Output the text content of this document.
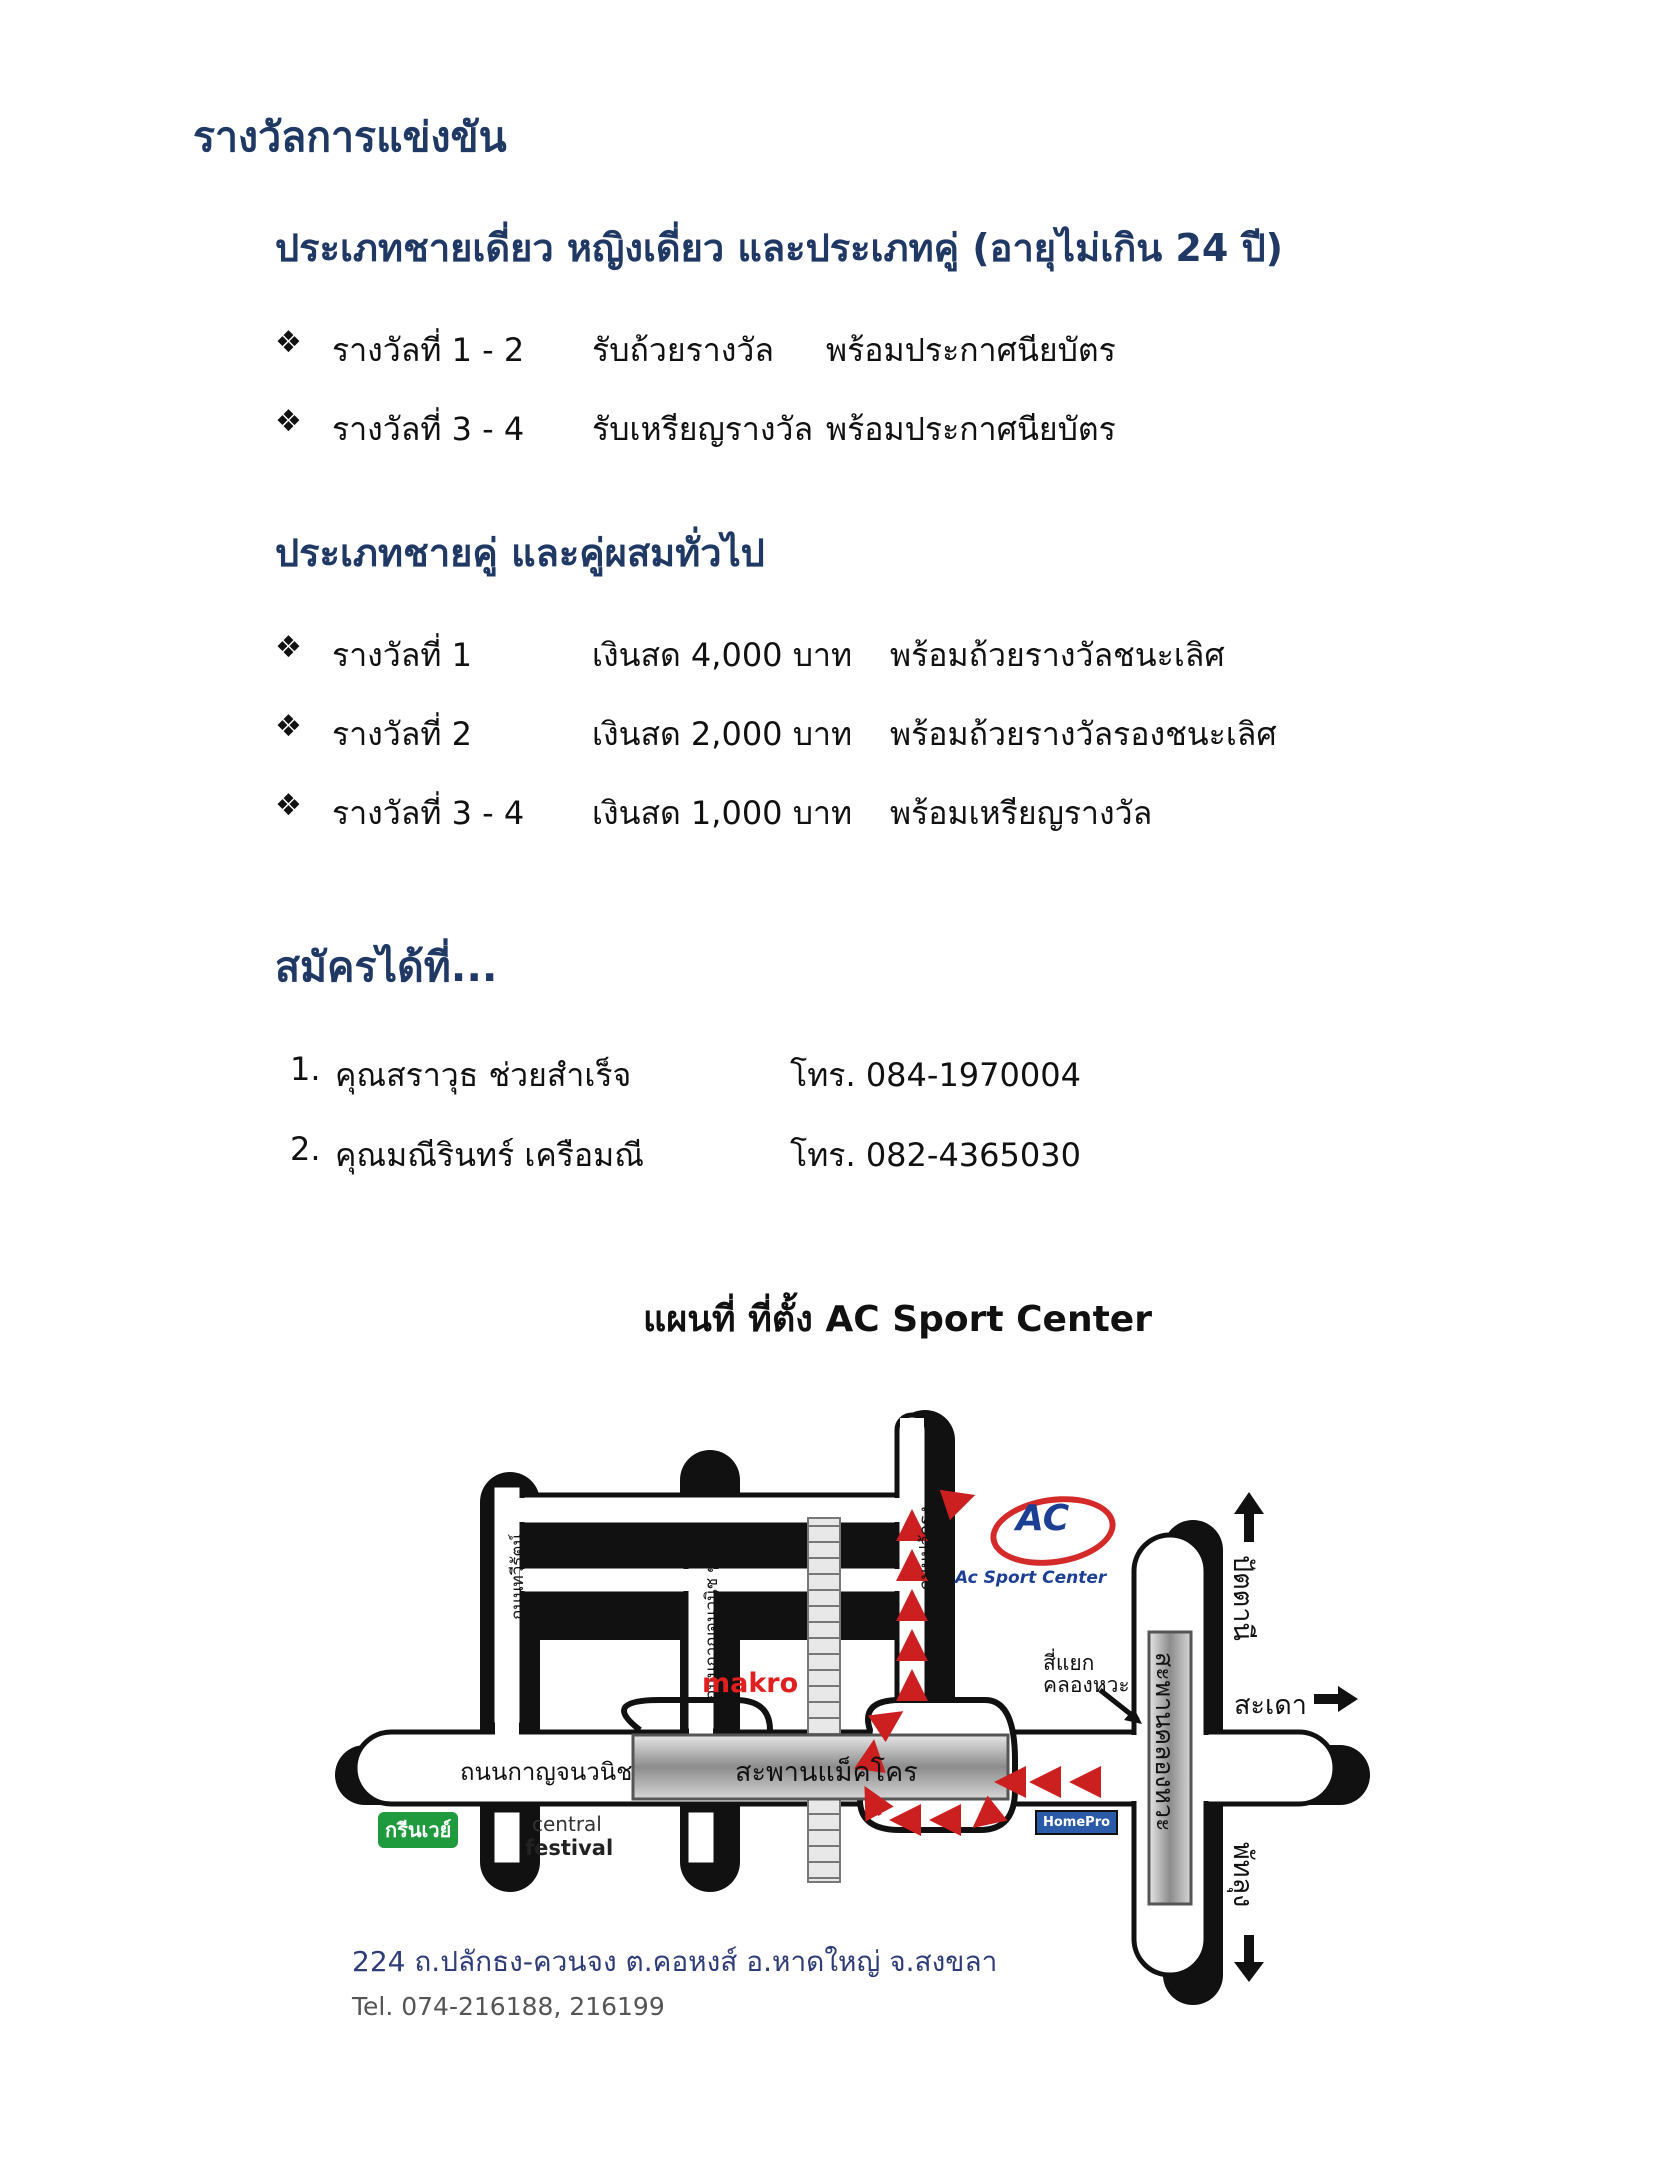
รางวัลการแข่งขัน
ประเภทชายเดี่ยว หญิงเดี่ยว และประเภทคู่ (อายุไม่เกิน 24 ปี)
❖ รางวัลที่ 1 - 2 รับถ้วยรางวัล พร้อมประกาศนียบัตร
❖ รางวัลที่ 3 - 4 รับเหรียญรางวัล พร้อมประกาศนียบัตร
ประเภทชายคู่ และคู่ผสมทั่วไป
❖ รางวัลที่ 1	เงินสด 4,000 บาท พร้อมถ้วยรางวัลชนะเลิศ
❖ รางวัลที่ 2	เงินสด 2,000 บาท พร้อมถ้วยรางวัลรองชนะเลิศ
❖ รางวัลที่ 3 - 4 เงินสด 1,000 บาท พร้อมเหรียญรางวัล
สมัครได้ที่...
1. คุณสราวุธ ช่วยสำเร็จ	โทร. 084-1970004
2. คุณมณีรินทร์ เครือมณี	โทร. 082-4365030
แผนที่ ที่ตั้ง AC Sport Center
ถนนกาญจนวนิช	สะพานแม็คโคร
ถนนทวีรัตน์	ถนนกาญจนวนิช ซ.27	ถนนปลักธง
สี่แยก
คลองหวะ สะพานคลองหวะ
ปัตตานี
สะเดา
พัทลุง
makro
AC
Ac Sport Center
กรีนเวย์	central
festival
HomePro
224 ถ.ปลักธง-ควนจง ต.คอหงส์ อ.หาดใหญ่ จ.สงขลา
Tel. 074-216188, 216199
